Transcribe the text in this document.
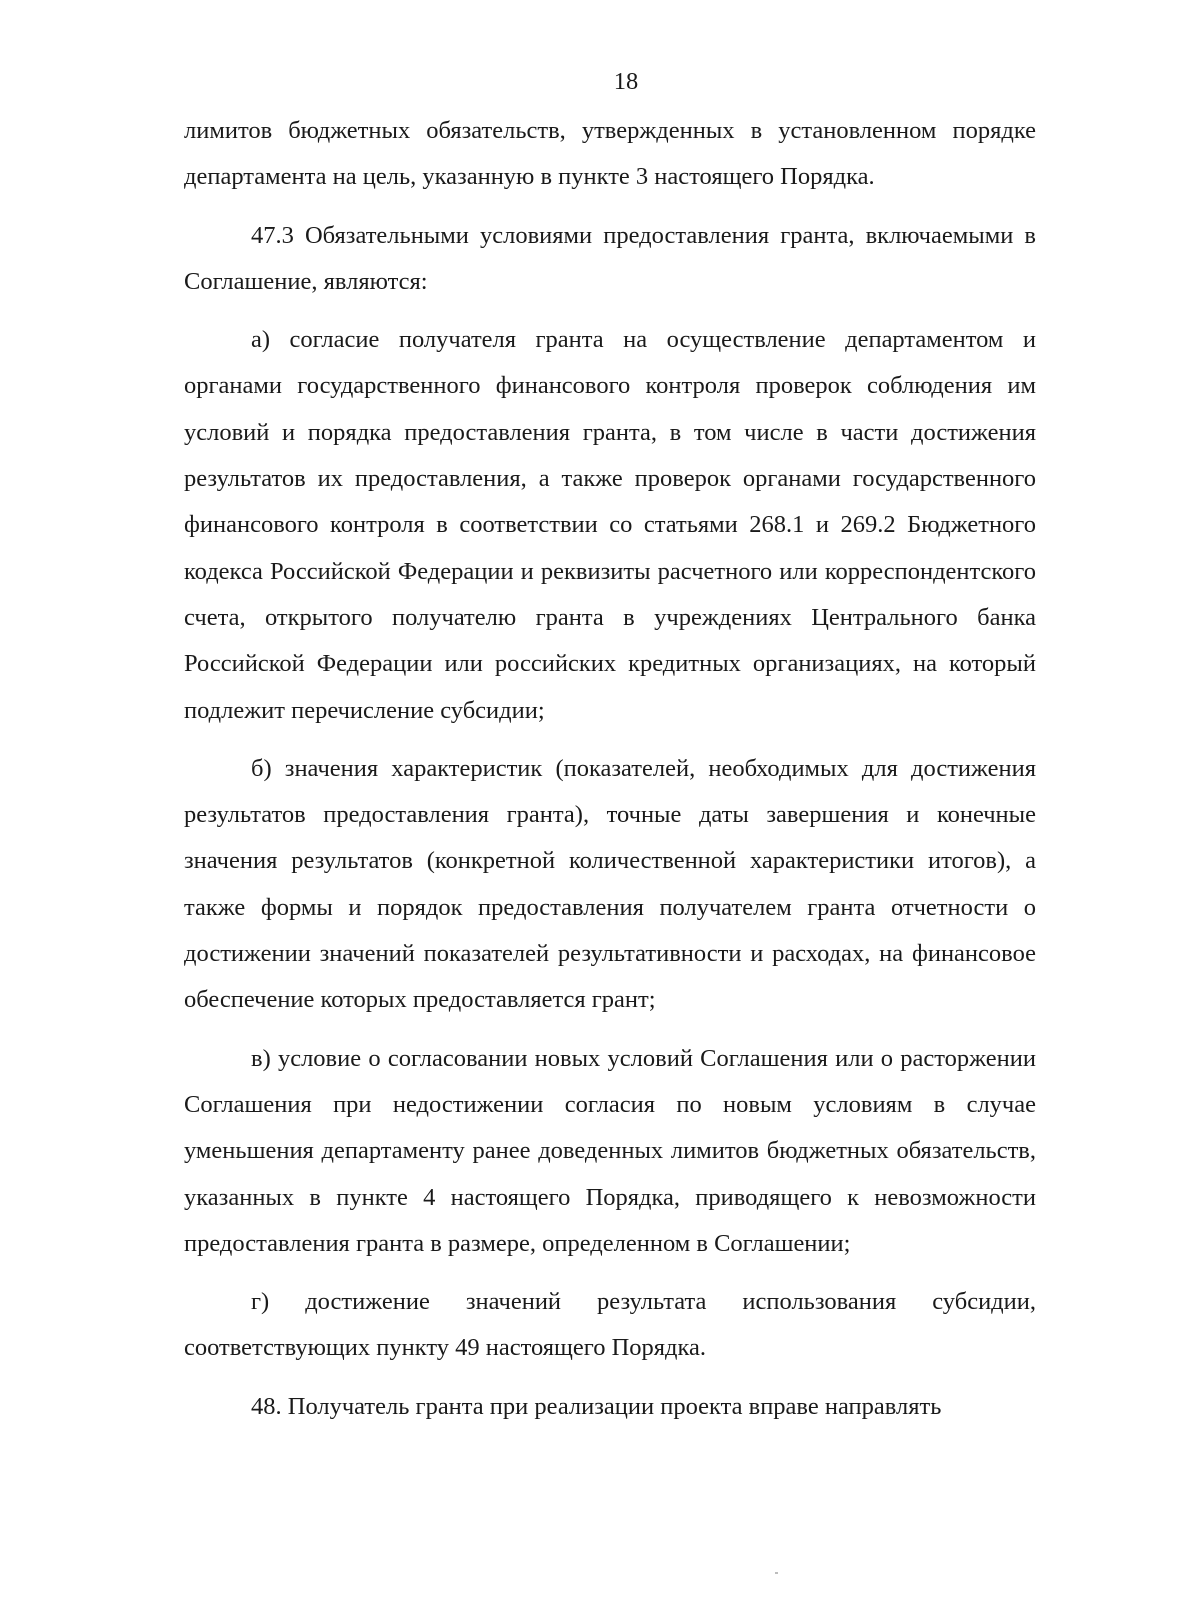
18

лимитов бюджетных обязательств, утвержденных в установленном порядке департамента на цель, указанную в пункте 3 настоящего Порядка.

47.3 Обязательными условиями предоставления гранта, включаемыми в Соглашение, являются:

а) согласие получателя гранта на осуществление департаментом и органами государственного финансового контроля проверок соблюдения им условий и порядка предоставления гранта, в том числе в части достижения результатов их предоставления, а также проверок органами государственного финансового контроля в соответствии со статьями 268.1 и 269.2 Бюджетного кодекса Российской Федерации и реквизиты расчетного или корреспондентского счета, открытого получателю гранта в учреждениях Центрального банка Российской Федерации или российских кредитных организациях, на который подлежит перечисление субсидии;

б) значения характеристик (показателей, необходимых для достижения результатов предоставления гранта), точные даты завершения и конечные значения результатов (конкретной количественной характеристики итогов), а также формы и порядок предоставления получателем гранта отчетности о достижении значений показателей результативности и расходах, на финансовое обеспечение которых предоставляется грант;

в) условие о согласовании новых условий Соглашения или о расторжении Соглашения при недостижении согласия по новым условиям в случае уменьшения департаменту ранее доведенных лимитов бюджетных обязательств, указанных в пункте 4 настоящего Порядка, приводящего к невозможности предоставления гранта в размере, определенном в Соглашении;

г) достижение значений результата использования субсидии, соответствующих пункту 49 настоящего Порядка.

48. Получатель гранта при реализации проекта вправе направлять
